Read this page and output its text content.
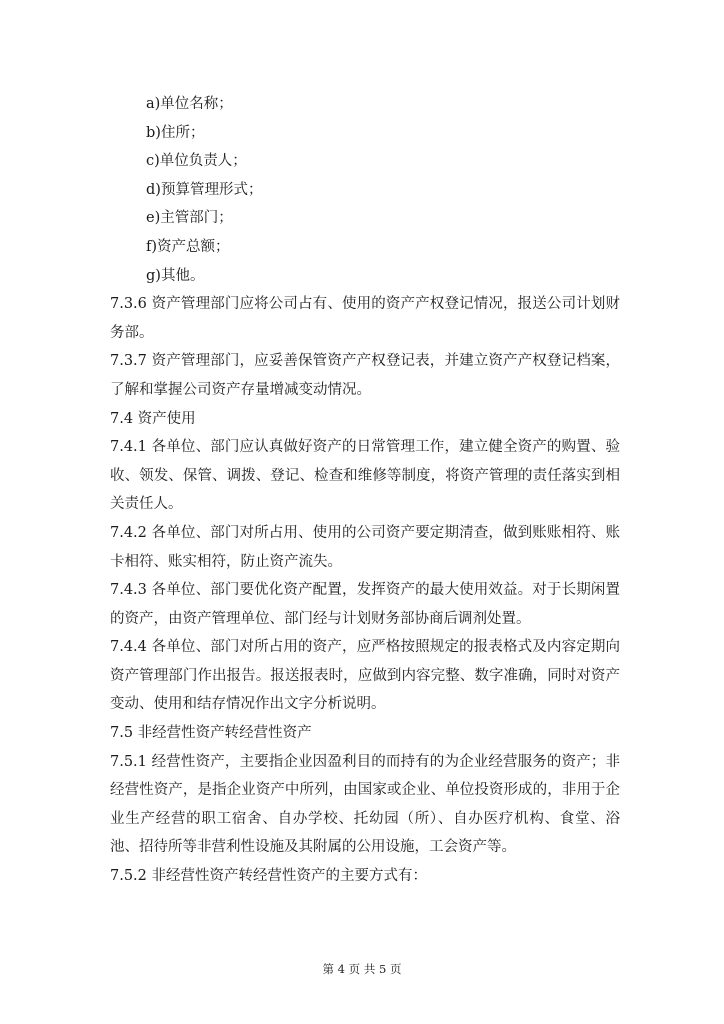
a)单位名称；
b)住所；
c)单位负责人；
d)预算管理形式；
e)主管部门；
f)资产总额；
g)其他。
7.3.6 资产管理部门应将公司占有、使用的资产产权登记情况，报送公司计划财务部。
7.3.7 资产管理部门，应妥善保管资产产权登记表，并建立资产产权登记档案，了解和掌握公司资产存量增减变动情况。
7.4 资产使用
7.4.1 各单位、部门应认真做好资产的日常管理工作，建立健全资产的购置、验收、领发、保管、调拨、登记、检查和维修等制度，将资产管理的责任落实到相关责任人。
7.4.2 各单位、部门对所占用、使用的公司资产要定期清查，做到账账相符、账卡相符、账实相符，防止资产流失。
7.4.3 各单位、部门要优化资产配置，发挥资产的最大使用效益。对于长期闲置的资产，由资产管理单位、部门经与计划财务部协商后调剂处置。
7.4.4 各单位、部门对所占用的资产，应严格按照规定的报表格式及内容定期向资产管理部门作出报告。报送报表时，应做到内容完整、数字准确，同时对资产变动、使用和结存情况作出文字分析说明。
7.5 非经营性资产转经营性资产
7.5.1 经营性资产，主要指企业因盈利目的而持有的为企业经营服务的资产；非经营性资产，是指企业资产中所列，由国家或企业、单位投资形成的，非用于企业生产经营的职工宿舍、自办学校、托幼园（所）、自办医疗机构、食堂、浴池、招待所等非营利性设施及其附属的公用设施，工会资产等。
7.5.2 非经营性资产转经营性资产的主要方式有：
第 4 页 共 5 页
